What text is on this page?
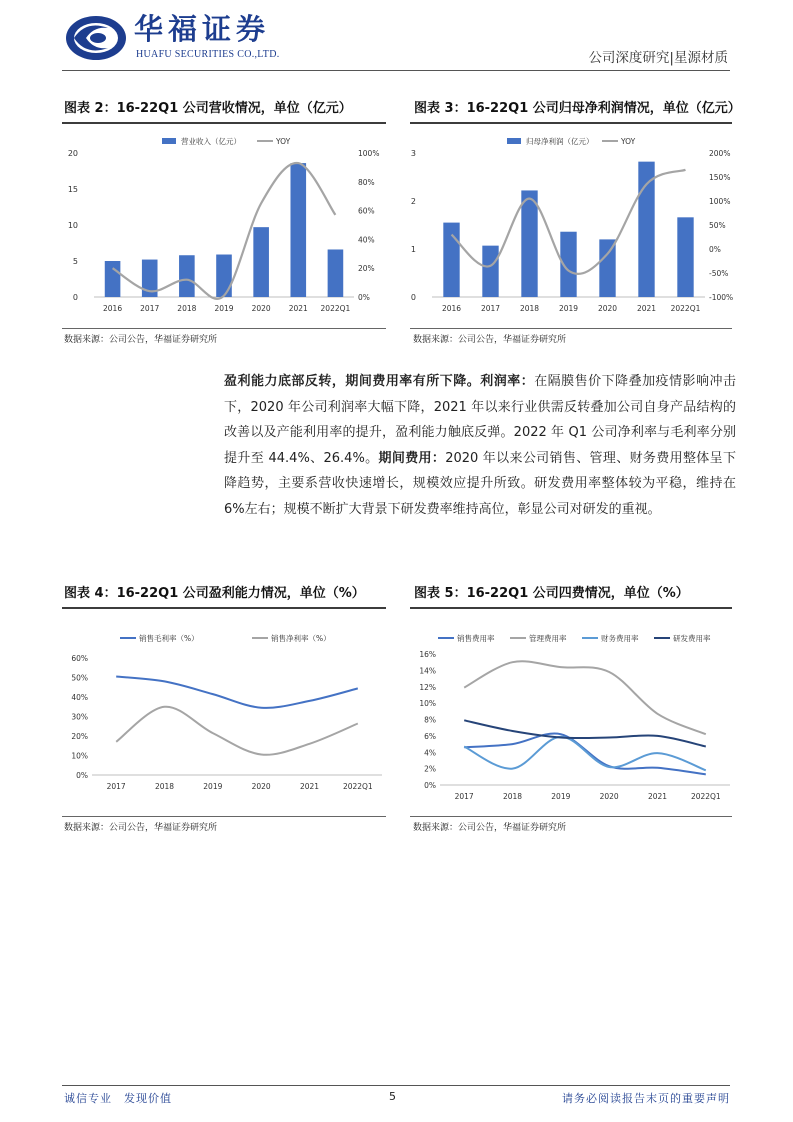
华福证券
HUAFU SECURITIES CO.,LTD.	公司深度研究|星源材质
图表 2：16-22Q1 公司营收情况，单位（亿元）
0
5
10
15
20
0%
20%
40%
60%
80%
100%
2016 2017 2018 2019 2020 2021 2022Q1
营业收入（亿元）	YOY
数据来源：公司公告，华福证券研究所
图表 3：16-22Q1 公司归母净利润情况，单位（亿元）
0
1
2
3
-100%
-50%
0%
50%
100%
150%
200%
2016	2017	2018	2019	2020	2021 2022Q1
归母净利润（亿元）	YOY
数据来源：公司公告，华福证券研究所
盈利能力底部反转，期间费用率有所下降。利润率：在隔膜售价下降叠加疫情影响冲击下，2020 年公司利润率大幅下降，2021 年以来行业供需反转叠加公司自身产品结构的改善以及产能利用率的提升，盈利能力触底反弹。2022 年 Q1 公司净利率与毛利率分别提升至 44.4%、26.4%。期间费用：2020 年以来公司销售、管理、财务费用整体呈下降趋势，主要系营收快速增长，规模效应提升所致。研发费用率整体较为平稳，维持在 6%左右；规模不断扩大背景下研发费率维持高位，彰显公司对研发的重视。
图表 4：16-22Q1 公司盈利能力情况，单位（%）
0%
10%
20%
30%
40%
50%
60%
2017	2018	2019	2020	2021	2022Q1
销售毛利率（%）	销售净利率（%）
数据来源：公司公告，华福证券研究所
图表 5：16-22Q1 公司四费情况，单位（%）
0%
2%
4%
6%
8%
10%
12%
14%
16%
2017	2018	2019	2020	2021	2022Q1
销售费用率	管理费用率	财务费用率	研发费用率
数据来源：公司公告，华福证券研究所
诚信专业　发现价值	5	请务必阅读报告末页的重要声明
